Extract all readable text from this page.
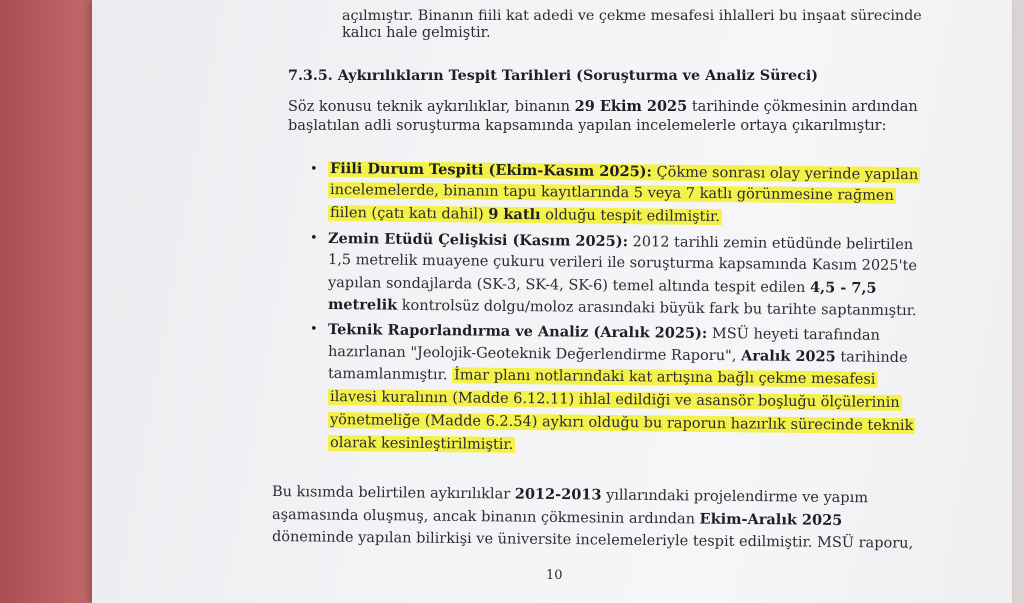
açılmıştır. Binanın fiili kat adedi ve çekme mesafesi ihlalleri bu inşaat sürecinde
kalıcı hale gelmiştir.
7.3.5. Aykırılıkların Tespit Tarihleri (Soruşturma ve Analiz Süreci)
Söz konusu teknik aykırılıklar, binanın 29 Ekim 2025 tarihinde çökmesinin ardından
başlatılan adli soruşturma kapsamında yapılan incelemelerle ortaya çıkarılmıştır:
• Fiili Durum Tespiti (Ekim-Kasım 2025): Çökme sonrası olay yerinde yapılan
incelemelerde, binanın tapu kayıtlarında 5 veya 7 katlı görünmesine rağmen
fiilen (çatı katı dahil) 9 katlı olduğu tespit edilmiştir.
• Zemin Etüdü Çelişkisi (Kasım 2025): 2012 tarihli zemin etüdünde belirtilen
1,5 metrelik muayene çukuru verileri ile soruşturma kapsamında Kasım 2025'te
yapılan sondajlarda (SK-3, SK-4, SK-6) temel altında tespit edilen 4,5 - 7,5
metrelik kontrolsüz dolgu/moloz arasındaki büyük fark bu tarihte saptanmıştır.
• Teknik Raporlandırma ve Analiz (Aralık 2025): MSÜ heyeti tarafından
hazırlanan "Jeolojik-Geoteknik Değerlendirme Raporu", Aralık 2025 tarihinde
tamamlanmıştır. İmar planı notlarındaki kat artışına bağlı çekme mesafesi
ilavesi kuralının (Madde 6.12.11) ihlal edildiği ve asansör boşluğu ölçülerinin
yönetmeliğe (Madde 6.2.54) aykırı olduğu bu raporun hazırlık sürecinde teknik
olarak kesinleştirilmiştir.
Bu kısımda belirtilen aykırılıklar 2012-2013 yıllarındaki projelendirme ve yapım
aşamasında oluşmuş, ancak binanın çökmesinin ardından Ekim-Aralık 2025
döneminde yapılan bilirkişi ve üniversite incelemeleriyle tespit edilmiştir. MSÜ raporu,
10
